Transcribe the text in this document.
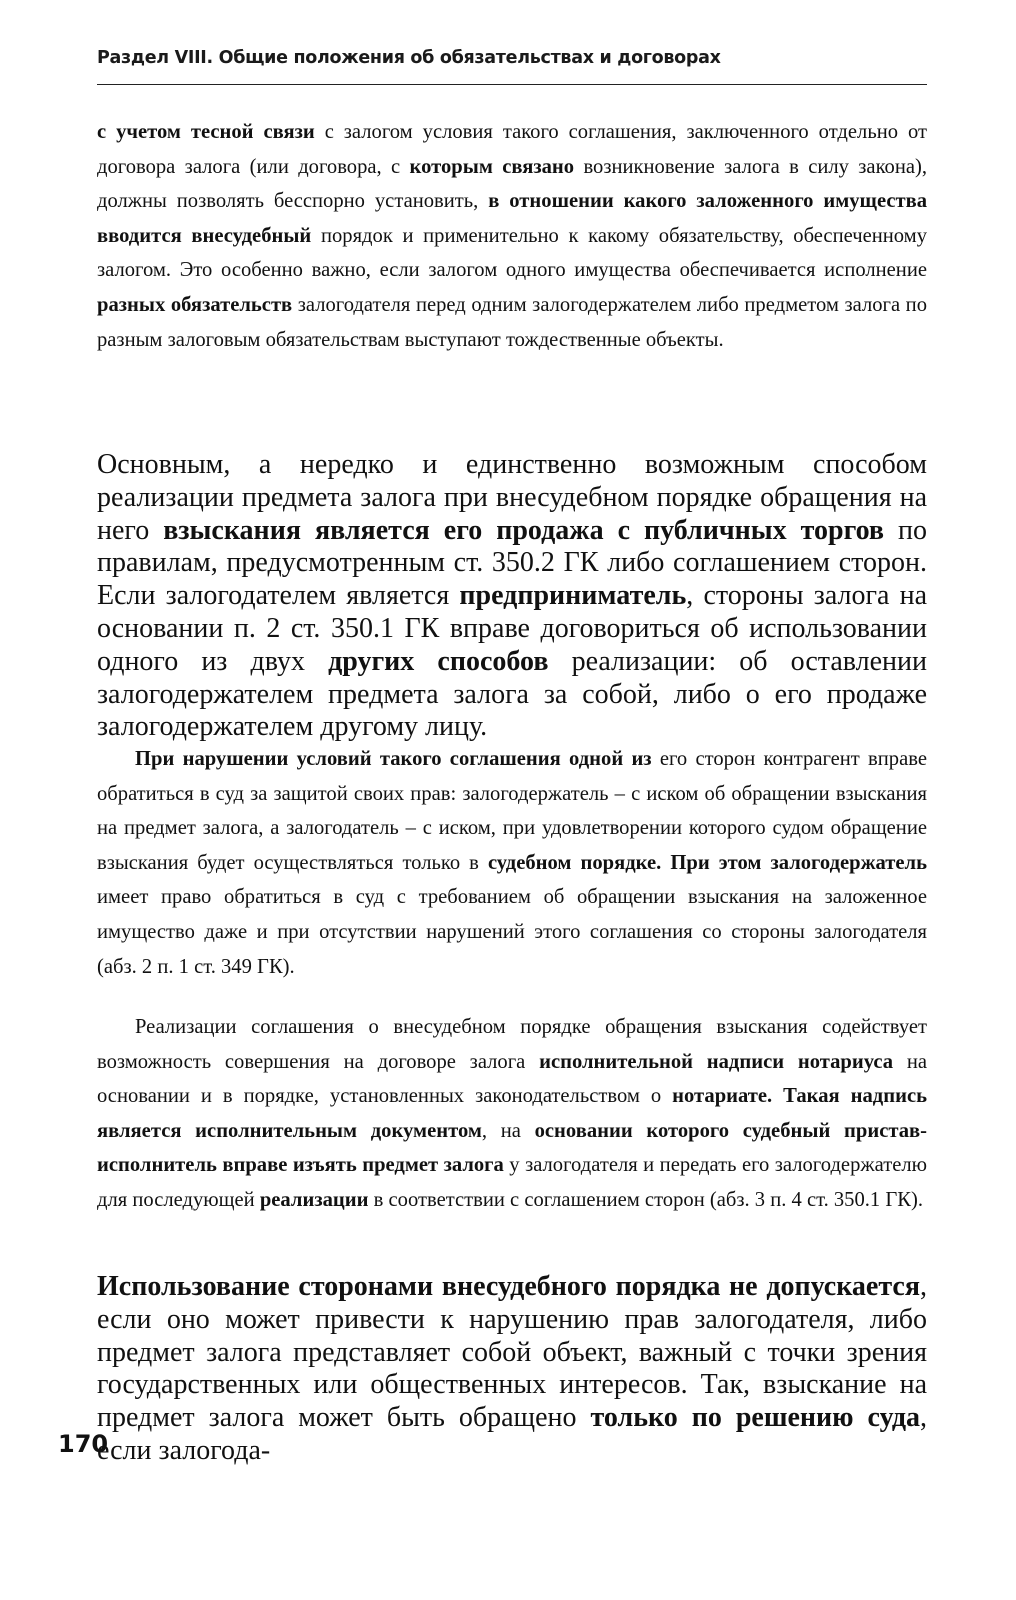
Раздел VIII. Общие положения об обязательствах и договорах

с учетом тесной связи с залогом условия такого соглашения, заключенного отдельно от договора залога (или договора, с которым связано возникновение залога в силу закона), должны позволять бесспорно установить, в отношении какого заложенного имущества вводится внесудебный порядок и применительно к какому обязательству, обеспеченному залогом. Это особенно важно, если залогом одного имущества обеспечивается исполнение разных обязательств залогодателя перед одним залогодержателем либо предметом залога по разным залоговым обязательствам выступают тождественные объекты.

Основным, а нередко и единственно возможным способом реализации предмета залога при внесудебном порядке обращения на него взыскания является его продажа с публичных торгов по правилам, предусмотренным ст. 350.2 ГК либо соглашением сторон. Если залогодателем является предприниматель, стороны залога на основании п. 2 ст. 350.1 ГК вправе договориться об использовании одного из двух других способов реализации: об оставлении залогодержателем предмета залога за собой, либо о его продаже залогодержателем другому лицу.

При нарушении условий такого соглашения одной из его сторон контрагент вправе обратиться в суд за защитой своих прав: залогодержатель – с иском об обращении взыскания на предмет залога, а залогодатель – с иском, при удовлетворении которого судом обращение взыскания будет осуществляться только в судебном порядке. При этом залогодержатель имеет право обратиться в суд с требованием об обращении взыскания на заложенное имущество даже и при отсутствии нарушений этого соглашения со стороны залогодателя (абз. 2 п. 1 ст. 349 ГК).

Реализации соглашения о внесудебном порядке обращения взыскания содействует возможность совершения на договоре залога исполнительной надписи нотариуса на основании и в порядке, установленных законодательством о нотариате. Такая надпись является исполнительным документом, на основании которого судебный пристав-исполнитель вправе изъять предмет залога у залогодателя и передать его залогодержателю для последующей реализации в соответствии с соглашением сторон (абз. 3 п. 4 ст. 350.1 ГК).

Использование сторонами внесудебного порядка не допускается, если оно может привести к нарушению прав залогодателя, либо предмет залога представляет собой объект, важный с точки зрения государственных или общественных интересов. Так, взыскание на предмет залога может быть обращено только по решению суда, если залогода-

170
